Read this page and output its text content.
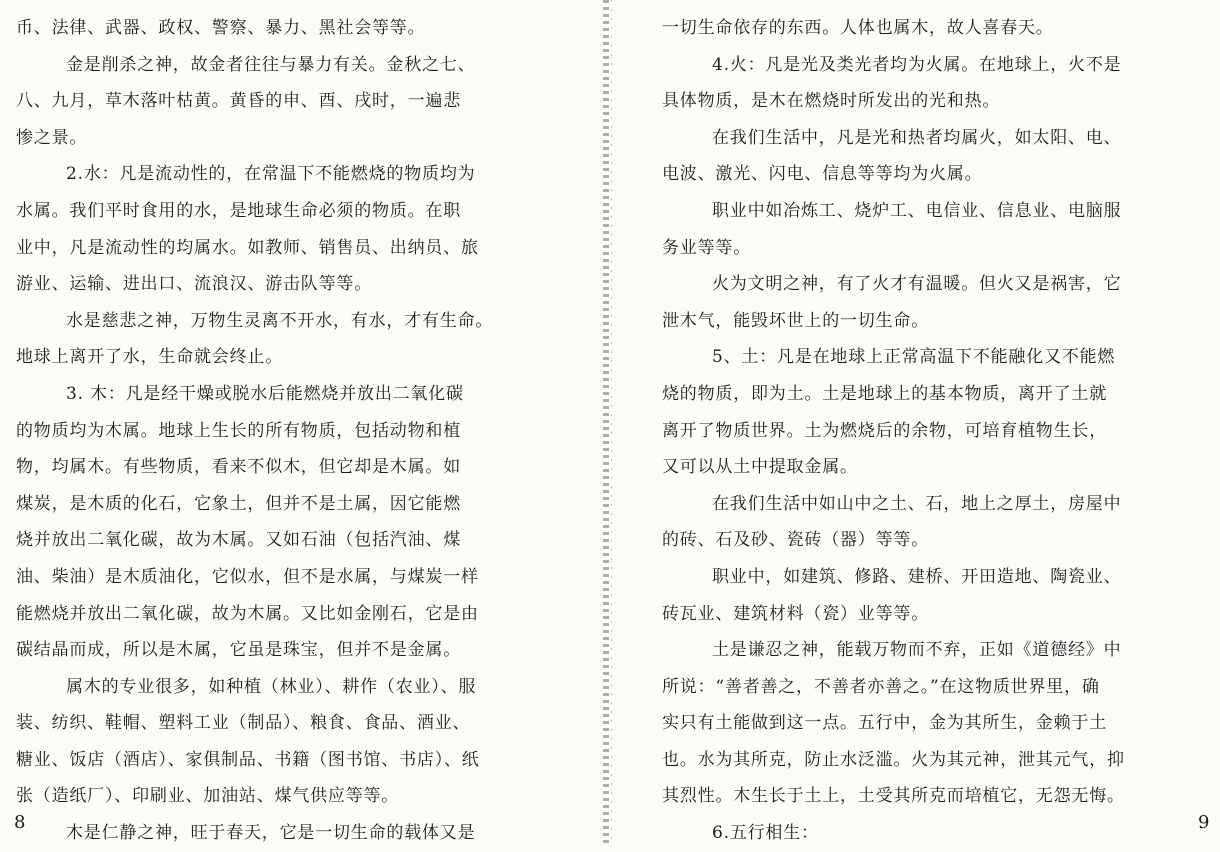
币、法律、武器、政权、警察、暴力、黑社会等等。
金是削杀之神，故金者往往与暴力有关。金秋之七、
八、九月，草木落叶枯黄。黄昏的申、酉、戌时，一遍悲
惨之景。
2.水：凡是流动性的，在常温下不能燃烧的物质均为
水属。我们平时食用的水，是地球生命必须的物质。在职
业中，凡是流动性的均属水。如教师、销售员、出纳员、旅
游业、运输、进出口、流浪汉、游击队等等。
水是慈悲之神，万物生灵离不开水，有水，才有生命。
地球上离开了水，生命就会终止。
3. 木：凡是经干燥或脱水后能燃烧并放出二氧化碳
的物质均为木属。地球上生长的所有物质，包括动物和植
物，均属木。有些物质，看来不似木，但它却是木属。如
煤炭，是木质的化石，它象土，但并不是土属，因它能燃
烧并放出二氧化碳，故为木属。又如石油（包括汽油、煤
油、柴油）是木质油化，它似水，但不是水属，与煤炭一样
能燃烧并放出二氧化碳，故为木属。又比如金刚石，它是由
碳结晶而成，所以是木属，它虽是珠宝，但并不是金属。
属木的专业很多，如种植（林业）、耕作（农业）、服
装、纺织、鞋帽、塑料工业（制品）、粮食、食品、酒业、
糖业、饭店（酒店）、家俱制品、书籍（图书馆、书店）、纸
张（造纸厂）、印刷业、加油站、煤气供应等等。
木是仁静之神，旺于春天，它是一切生命的载体又是
一切生命依存的东西。人体也属木，故人喜春天。
4.火：凡是光及类光者均为火属。在地球上，火不是
具体物质，是木在燃烧时所发出的光和热。
在我们生活中，凡是光和热者均属火，如太阳、电、
电波、激光、闪电、信息等等均为火属。
职业中如冶炼工、烧炉工、电信业、信息业、电脑服
务业等等。
火为文明之神，有了火才有温暖。但火又是祸害，它
泄木气，能毁坏世上的一切生命。
5、土：凡是在地球上正常高温下不能融化又不能燃
烧的物质，即为土。土是地球上的基本物质，离开了土就
离开了物质世界。土为燃烧后的余物，可培育植物生长，
又可以从土中提取金属。
在我们生活中如山中之土、石，地上之厚土，房屋中
的砖、石及砂、瓷砖（器）等等。
职业中，如建筑、修路、建桥、开田造地、陶瓷业、
砖瓦业、建筑材料（瓷）业等等。
土是谦忍之神，能载万物而不弃，正如《道德经》中
所说：“善者善之，不善者亦善之。”在这物质世界里，确
实只有土能做到这一点。五行中，金为其所生，金赖于土
也。水为其所克，防止水泛滥。火为其元神，泄其元气，抑
其烈性。木生长于土上，土受其所克而培植它，无怨无悔。
6.五行相生：
8	9
